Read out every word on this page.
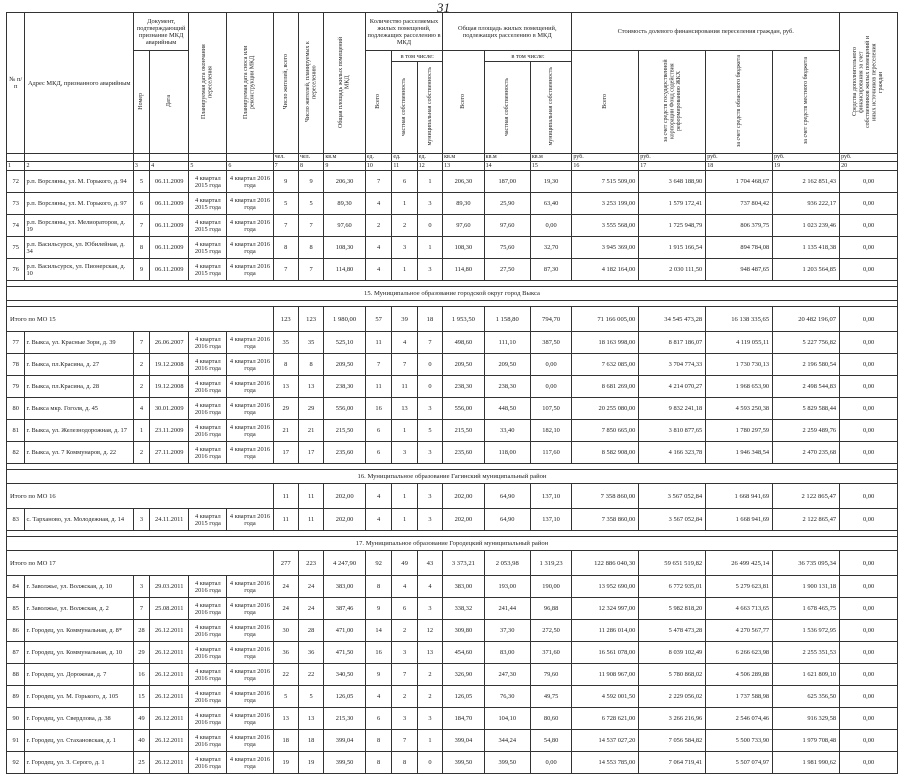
31
№ п/п	Адрес МКД, признанного аварийным	Документ, подтверждающий признание МКД аварийным		Планируемая дата окончания переселения	Планируемая дата сноса или реконструкции МКД	Число жителей, всего	Число жителей, планируемых к переселению	Общая площадь жилых помещений МКД	Количество расселяемых жилых помещений, подлежащих расселению в МКД			Общая площадь жилых помещений, подлежащих расселению в МКД			Стоимость долевого финансирования переселения граждан, руб.				Средства дополнительного финансирования за счет собственников жилых помещений и иных источников переселения граждан
		Номер	Дата						Всего	в том числе:		Всего	в том числе:		Всего	за счет средств государственной корпорации Фонд содействия реформированию ЖКХ	за счет средств областного бюджета	за счет средств местного бюджета	
										частная собственность	муниципальная собственность		частная собственность	муниципальная собственность					
						чел.	чел.	кв.м	ед.	ед.	ед.	кв.м	кв.м	кв.м	руб.	руб.	руб.	руб.	руб.
1	2	3	4	5	6	7	8	9	10	11	12	13	14	15	16	17	18	19	20
72	р.п. Ворсляны, ул. М. Горького, д. 94	5	06.11.2009	4 квартал 2015 года	4 квартал 2016 года	9	9	206,30	7	6	1	206,30	187,00	19,30	7 515 509,00	3 648 188,90	1 704 468,67	2 162 851,43	0,00
73	р.п. Ворсляны, ул. М. Горького, д. 97	6	06.11.2009	4 квартал 2015 года	4 квартал 2016 года	5	5	89,30	4	1	3	89,30	25,90	63,40	3 253 199,00	1 579 172,41	737 804,42	936 222,17	0,00
74	р.п. Ворсляны, ул. Мелиораторов, д. 19	7	06.11.2009	4 квартал 2015 года	4 квартал 2016 года	7	7	97,60	2	2	0	97,60	97,60	0,00	3 555 568,00	1 725 948,79	806 379,75	1 023 239,46	0,00
75	р.п. Васильсурск, ул. Юбилейная, д. 34	8	06.11.2009	4 квартал 2015 года	4 квартал 2016 года	8	8	108,30	4	3	1	108,30	75,60	32,70	3 945 369,00	1 915 166,54	894 784,08	1 135 418,38	0,00
76	р.п. Васильсурск, ул. Пионерская, д. 10	9	06.11.2009	4 квартал 2015 года	4 квартал 2016 года	7	7	114,80	4	1	3	114,80	27,50	87,30	4 182 164,00	2 030 111,50	948 487,65	1 203 564,85	0,00

15. Муниципальное образование городской округ город Выкса																			

Итого по МО 15						123	123	1 980,00	57	39	18	1 953,50	1 158,80	794,70	71 166 005,00	34 545 473,28	16 138 335,65	20 482 196,07	0,00
77	г. Выкса, ул. Красные Зори, д. 39	7	26.06.2007	4 квартал 2016 года	4 квартал 2016 года	35	35	525,10	11	4	7	498,60	111,10	387,50	18 163 998,00	8 817 186,07	4 119 055,11	5 227 756,82	0,00
78	г. Выкса, пл.Красина, д. 27	2	19.12.2008	4 квартал 2016 года	4 квартал 2016 года	8	8	209,50	7	7	0	209,50	209,50	0,00	7 632 085,00	3 704 774,33	1 730 730,13	2 196 580,54	0,00
79	г. Выкса, пл.Красина, д. 28	2	19.12.2008	4 квартал 2016 года	4 квартал 2016 года	13	13	238,30	11	11	0	238,30	238,30	0,00	8 681 269,00	4 214 070,27	1 968 653,90	2 498 544,83	0,00
80	г. Выкса мкр. Гоголя, д. 45	4	30.01.2009	4 квартал 2016 года	4 квартал 2016 года	29	29	556,00	16	13	3	556,00	448,50	107,50	20 255 080,00	9 832 241,18	4 593 250,38	5 829 588,44	0,00
81	г. Выкса, ул. Железнодорожная, д. 17	1	23.11.2009	4 квартал 2016 года	4 квартал 2016 года	21	21	215,50	6	1	5	215,50	33,40	182,10	7 850 665,00	3 810 877,65	1 780 297,59	2 259 489,76	0,00
82	г. Выкса, ул. 7 Коммунаров, д. 22	2	27.11.2009	4 квартал 2016 года	4 квартал 2016 года	17	17	235,60	6	3	3	235,60	118,00	117,60	8 582 908,00	4 166 323,78	1 946 348,54	2 470 235,68	0,00

16. Муниципальное образование Гагинский муниципальный район																			
Итого по МО 16						11	11	202,00	4	1	3	202,00	64,90	137,10	7 358 860,00	3 567 052,84	1 668 941,69	2 122 865,47	0,00
83	с. Тарханово, ул. Молодежная, д. 14	3	24.11.2011	4 квартал 2015 года	4 квартал 2016 года	11	11	202,00	4	1	3	202,00	64,90	137,10	7 358 860,00	3 567 052,84	1 668 941,69	2 122 865,47	0,00

17. Муниципальное образование Городецкий муниципальный район																			
Итого по МО 17						277	223	4 247,90	92	49	43	3 373,21	2 053,98	1 319,23	122 886 040,30	59 651 519,82	26 499 425,14	36 735 095,34	0,00
84	г. Заволжье, ул. Волжская, д. 10	3	29.03.2011	4 квартал 2016 года	4 квартал 2016 года	24	24	383,00	8	4	4	383,00	193,00	190,00	13 952 690,00	6 772 935,01	5 279 623,81	1 900 131,18	0,00
85	г. Заволжье, ул. Волжская, д. 2	7	25.08.2011	4 квартал 2016 года	4 квартал 2016 года	24	24	387,46	9	6	3	338,32	241,44	96,88	12 324 997,00	5 982 818,20	4 663 713,65	1 678 465,75	0,00
86	г. Городец, ул. Коммунальная, д. 8*	28	26.12.2011	4 квартал 2016 года	4 квартал 2016 года	30	28	471,00	14	2	12	309,80	37,30	272,50	11 286 014,00	5 478 473,28	4 270 567,77	1 536 972,95	0,00
87	г. Городец, ул. Коммунальная, д. 10	29	26.12.2011	4 квартал 2016 года	4 квартал 2016 года	36	36	471,50	16	3	13	454,60	83,00	371,60	16 561 078,00	8 039 102,49	6 266 623,98	2 255 351,53	0,00
88	г. Городец, ул. Дорожная, д. 7	16	26.12.2011	4 квартал 2016 года	4 квартал 2016 года	22	22	340,50	9	7	2	326,90	247,30	79,60	11 908 967,00	5 780 868,02	4 506 289,88	1 621 809,10	0,00
89	г. Городец, ул. М. Горького, д. 105	15	26.12.2011	4 квартал 2016 года	4 квартал 2016 года	5	5	126,05	4	2	2	126,05	76,30	49,75	4 592 001,50	2 229 056,02	1 737 588,98	625 356,50	0,00
90	г. Городец, ул. Свердлова, д. 38	49	26.12.2011	4 квартал 2016 года	4 квартал 2016 года	13	13	215,30	6	3	3	184,70	104,10	80,60	6 728 621,00	3 266 216,96	2 546 074,46	916 329,58	0,00
91	г. Городец, ул. Стахановская, д. 1	40	26.12.2011	4 квартал 2016 года	4 квартал 2016 года	18	18	399,04	8	7	1	399,04	344,24	54,80	14 537 027,20	7 056 584,82	5 500 733,90	1 979 708,48	0,00
92	г. Городец, ул. З. Серого, д. 1	25	26.12.2011	4 квартал 2016 года	4 квартал 2016 года	19	19	399,50	8	8	0	399,50	399,50	0,00	14 553 785,00	7 064 719,41	5 507 074,97	1 981 990,62	0,00
